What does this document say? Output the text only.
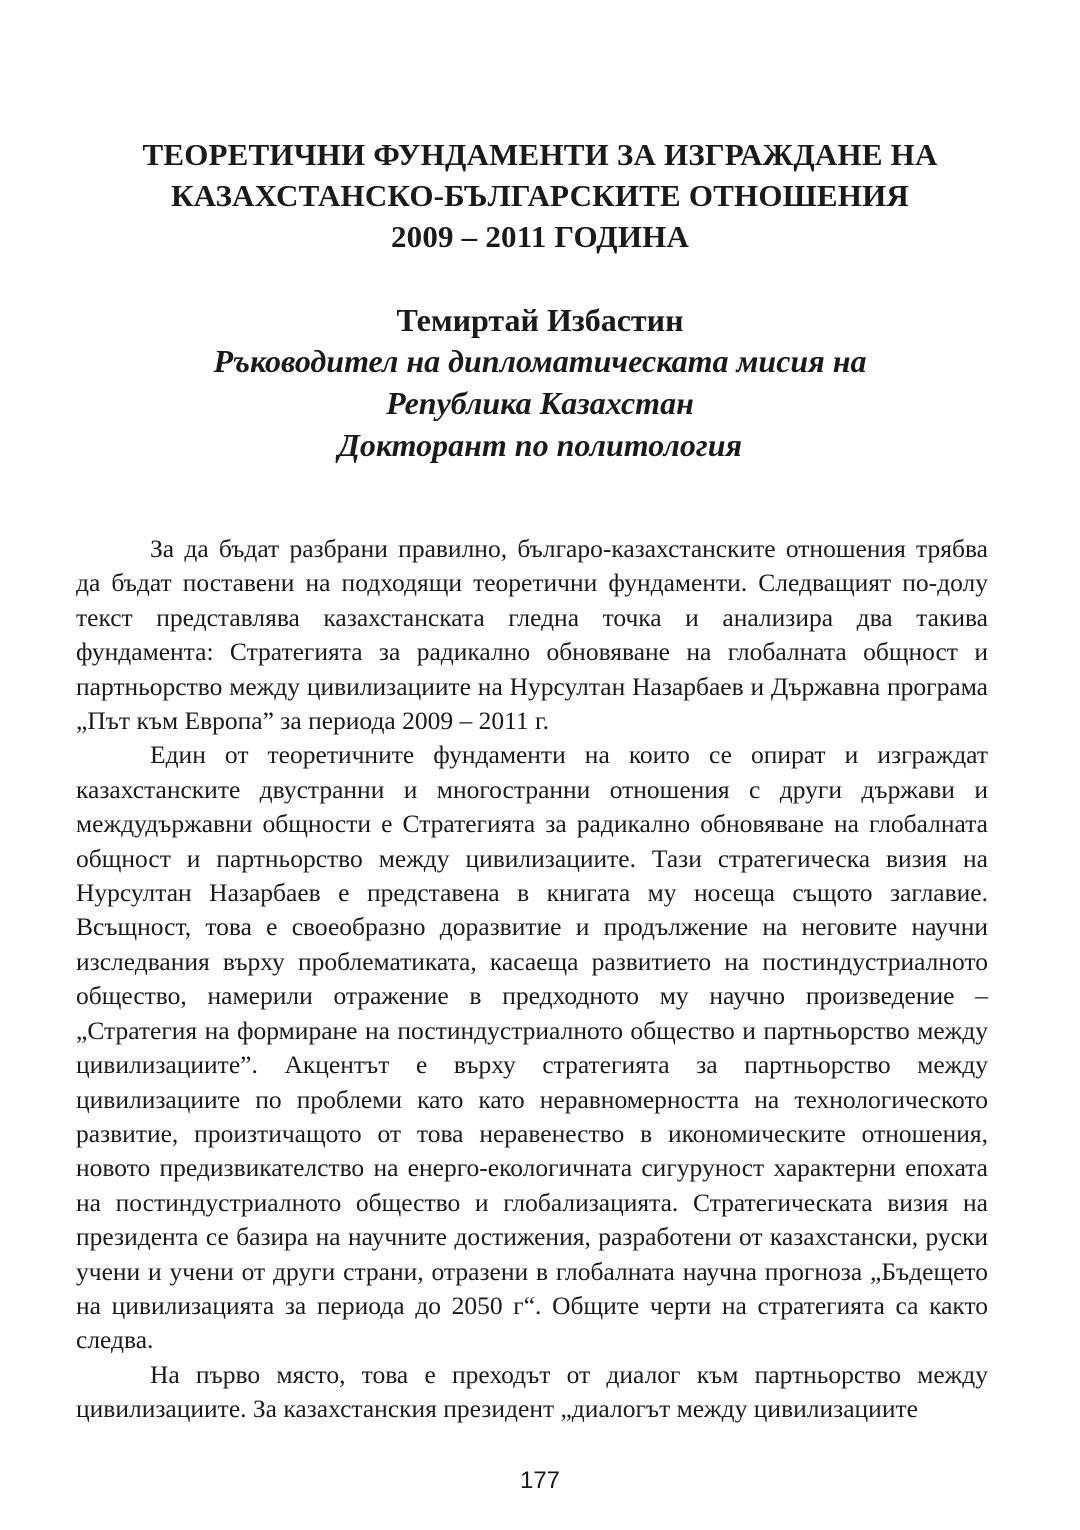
ТЕОРЕТИЧНИ ФУНДАМЕНТИ ЗА ИЗГРАЖДАНЕ НА
КАЗАХСТАНСКО-БЪЛГАРСКИТЕ ОТНОШЕНИЯ
2009 – 2011 ГОДИНА
Темиртай Избастин
Ръководител на дипломатическата мисия на
Република Казахстан
Докторант по политология

За да бъдат разбрани правилно, българо-казахстанските отношения трябва да бъдат поставени на подходящи теоретични фундаменти. Следващият по-долу текст представлява казахстанската гледна точка и анализира два такива фундамента: Стратегията за радикално обновяване на глобалната общност и партньорство между цивилизациите на Нурсултан Назарбаев и Държавна програма „Път към Европа” за периода 2009 – 2011 г.

Един от теоретичните фундаменти на които се опират и изграждат казахстанските двустранни и многостранни отношения с други държави и междудържавни общности е Стратегията за радикално обновяване на глобалната общност и партньорство между цивилизациите. Тази стратегическа визия на Нурсултан Назарбаев е представена в книгата му носеща същото заглавие. Всъщност, това е своеобразно доразвитие и продължение на неговите научни изследвания върху проблематиката, касаеща развитието на постиндустриалното общество, намерили отражение в предходното му научно произведение – „Стратегия на формиране на постиндустриалното общество и партньорство между цивилизациите”. Акцентът е върху стратегията за партньорство между цивилизациите по проблеми като като неравномерността на технологическото развитие, произтичащото от това неравенество в икономическите отношения, новото предизвикателство на енерго-екологичната сигуруност характерни епохата на постиндустриалното общество и глобализацията. Стратегическата визия на президента се базира на научните достижения, разработени от казахстански, руски учени и учени от други страни, отразени в глобалната научна прогноза „Бъдещето на цивилизацията за периода до 2050 г“. Общите черти на стратегията са както следва.

На първо място, това е преходът от диалог към партньорство между цивилизациите. За казахстанския президент „диалогът между цивилизациите

177
